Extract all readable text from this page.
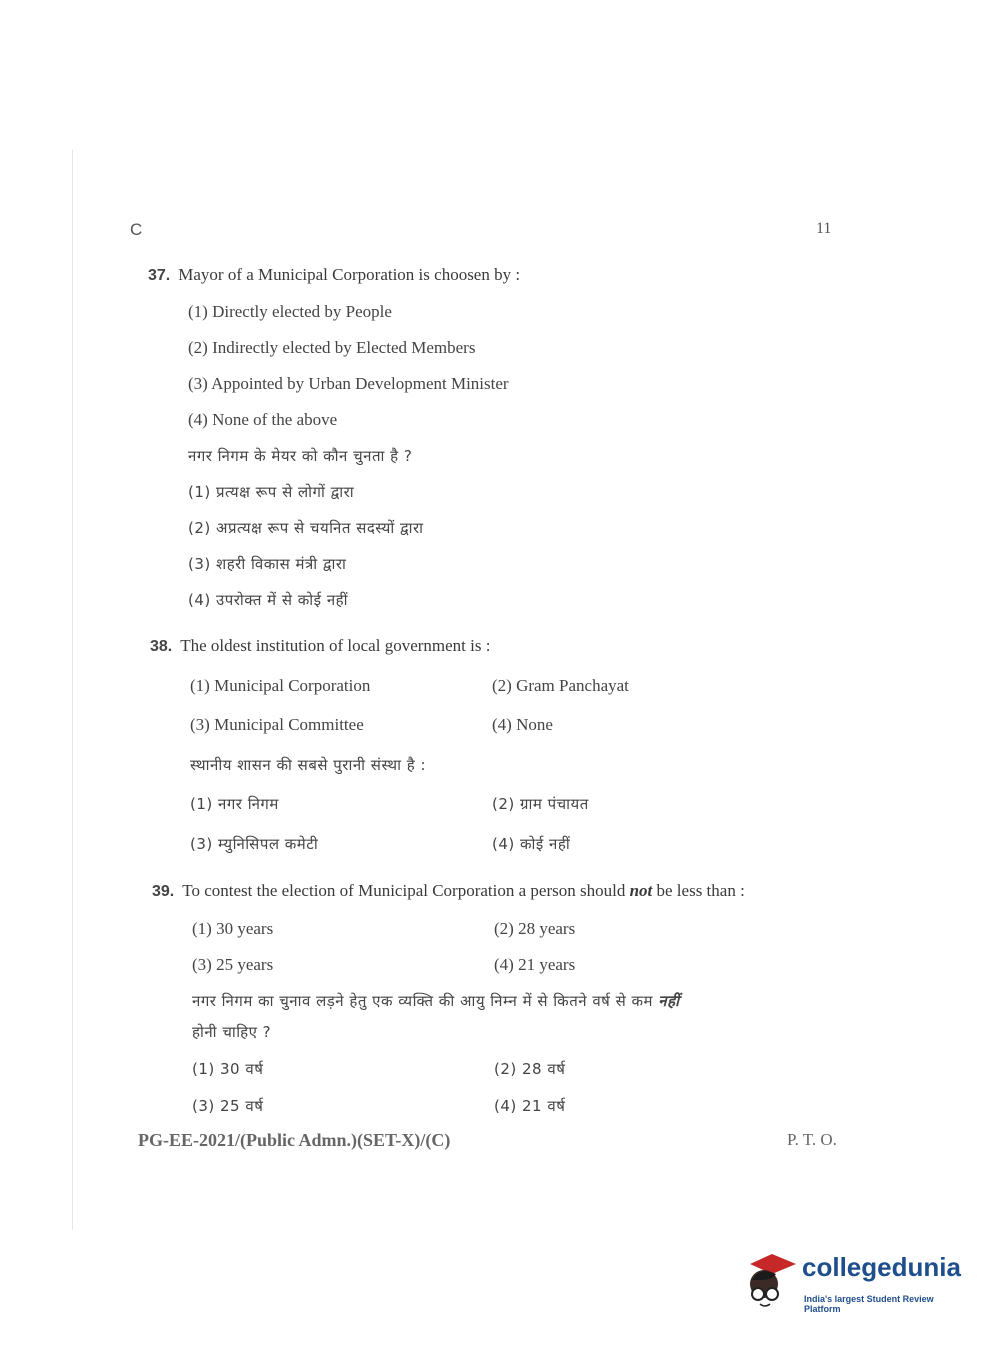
C	11
37. Mayor of a Municipal Corporation is choosen by :
(1) Directly elected by People
(2) Indirectly elected by Elected Members
(3) Appointed by Urban Development Minister
(4) None of the above
नगर निगम के मेयर को कौन चुनता है ?
(1) प्रत्यक्ष रूप से लोगों द्वारा
(2) अप्रत्यक्ष रूप से चयनित सदस्यों द्वारा
(3) शहरी विकास मंत्री द्वारा
(4) उपरोक्त में से कोई नहीं
38. The oldest institution of local government is :
(1) Municipal Corporation	(2) Gram Panchayat
(3) Municipal Committee	(4) None
स्थानीय शासन की सबसे पुरानी संस्था है :
(1) नगर निगम	(2) ग्राम पंचायत
(3) म्युनिसिपल कमेटी	(4) कोई नहीं
39. To contest the election of Municipal Corporation a person should not be less than :
(1) 30 years	(2) 28 years
(3) 25 years	(4) 21 years
नगर निगम का चुनाव लड़ने हेतु एक व्यक्ति की आयु निम्न में से कितने वर्ष से कम नहीं
होनी चाहिए ?
(1) 30 वर्ष	(2) 28 वर्ष
(3) 25 वर्ष	(4) 21 वर्ष
PG-EE-2021/(Public Admn.)(SET-X)/(C)	P. T. O.
collegedunia
India's largest Student Review Platform
